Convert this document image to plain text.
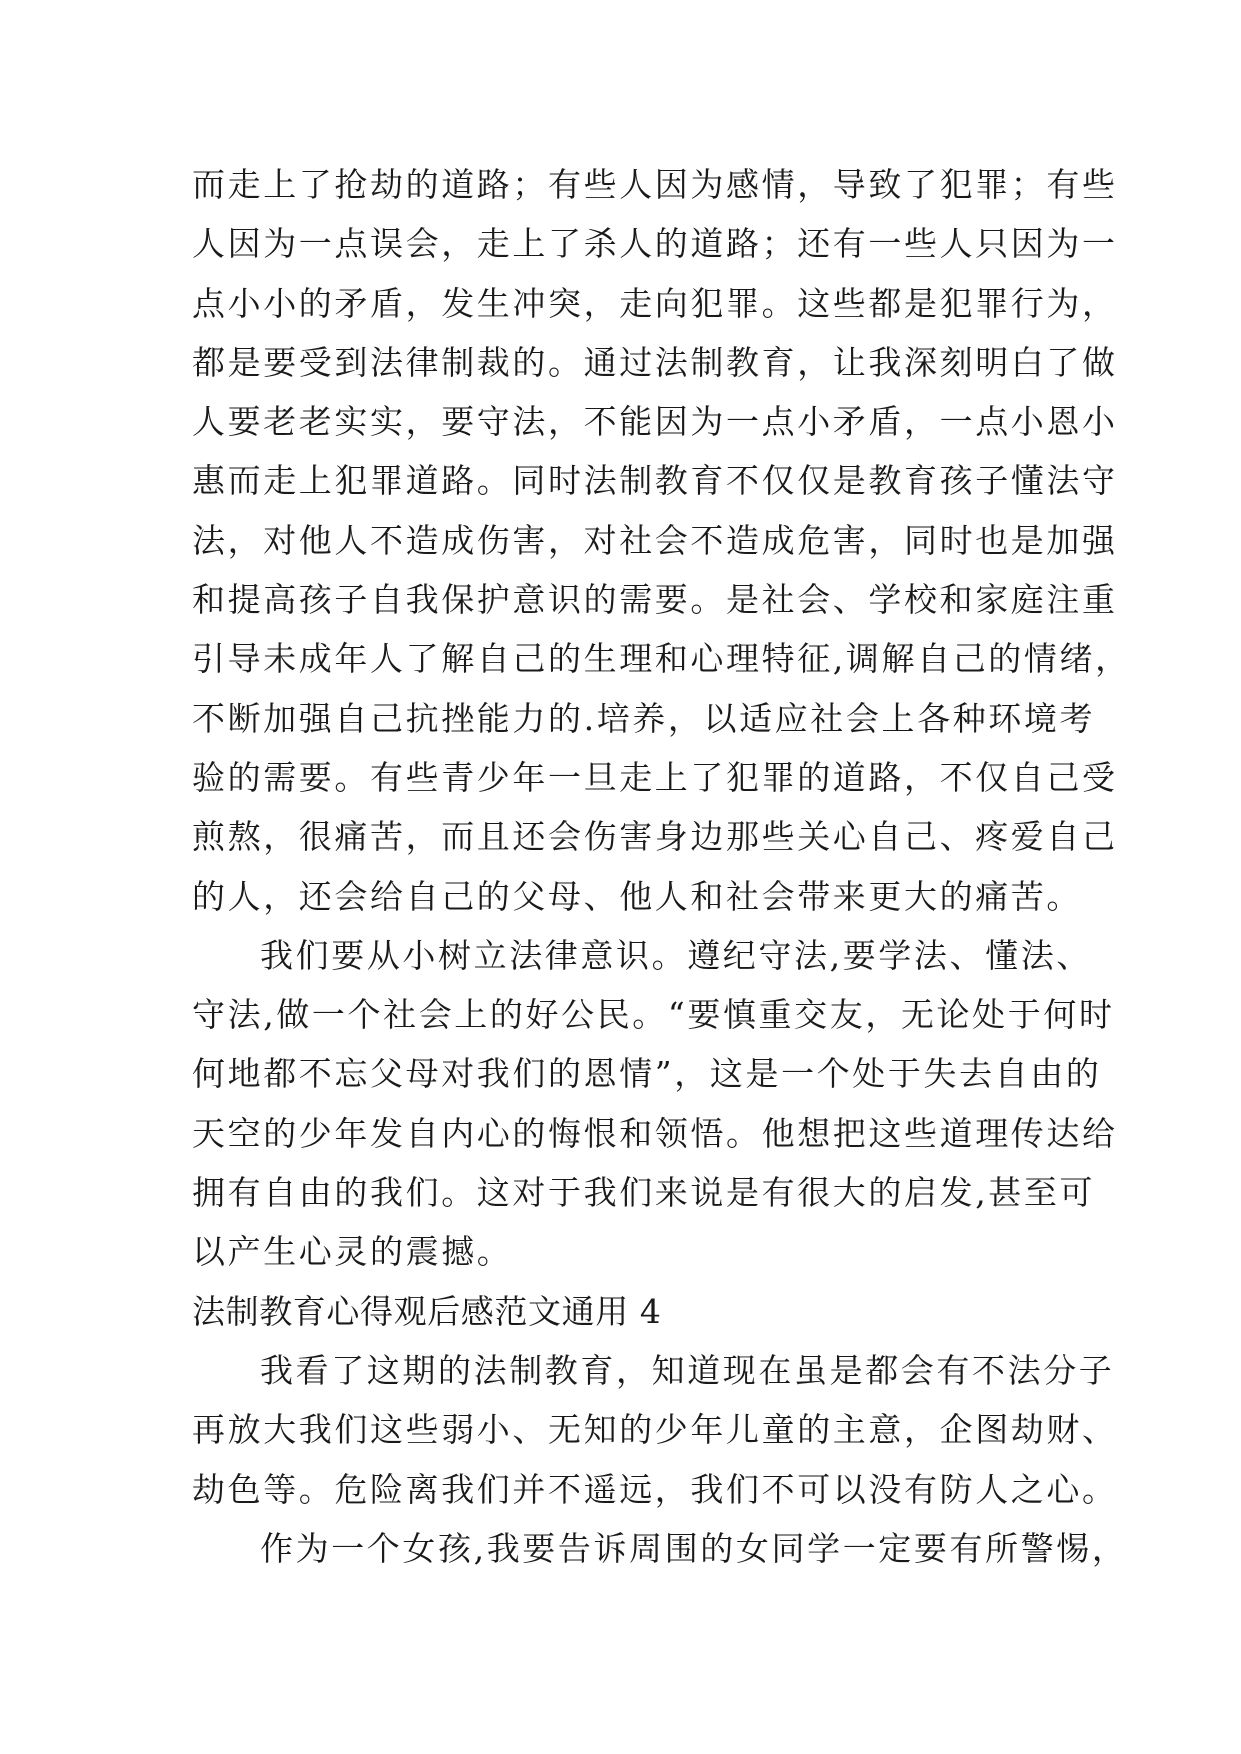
而走上了抢劫的道路；有些人因为感情，导致了犯罪；有些
人因为一点误会，走上了杀人的道路；还有一些人只因为一
点小小的矛盾，发生冲突，走向犯罪。这些都是犯罪行为，
都是要受到法律制裁的。通过法制教育，让我深刻明白了做
人要老老实实，要守法，不能因为一点小矛盾，一点小恩小
惠而走上犯罪道路。同时法制教育不仅仅是教育孩子懂法守
法，对他人不造成伤害，对社会不造成危害，同时也是加强
和提高孩子自我保护意识的需要。是社会、学校和家庭注重
引导未成年人了解自己的生理和心理特征,调解自己的情绪，
不断加强自己抗挫能力的.培养，以适应社会上各种环境考
验的需要。有些青少年一旦走上了犯罪的道路，不仅自己受
煎熬，很痛苦，而且还会伤害身边那些关心自己、疼爱自己
的人，还会给自己的父母、他人和社会带来更大的痛苦。
我们要从小树立法律意识。遵纪守法,要学法、懂法、
守法,做一个社会上的好公民。“要慎重交友，无论处于何时
何地都不忘父母对我们的恩情”，这是一个处于失去自由的
天空的少年发自内心的悔恨和领悟。他想把这些道理传达给
拥有自由的我们。这对于我们来说是有很大的启发,甚至可
以产生心灵的震撼。
法制教育心得观后感范文通用 4
我看了这期的法制教育，知道现在虽是都会有不法分子
再放大我们这些弱小、无知的少年儿童的主意，企图劫财、
劫色等。危险离我们并不遥远，我们不可以没有防人之心。
作为一个女孩,我要告诉周围的女同学一定要有所警惕，
